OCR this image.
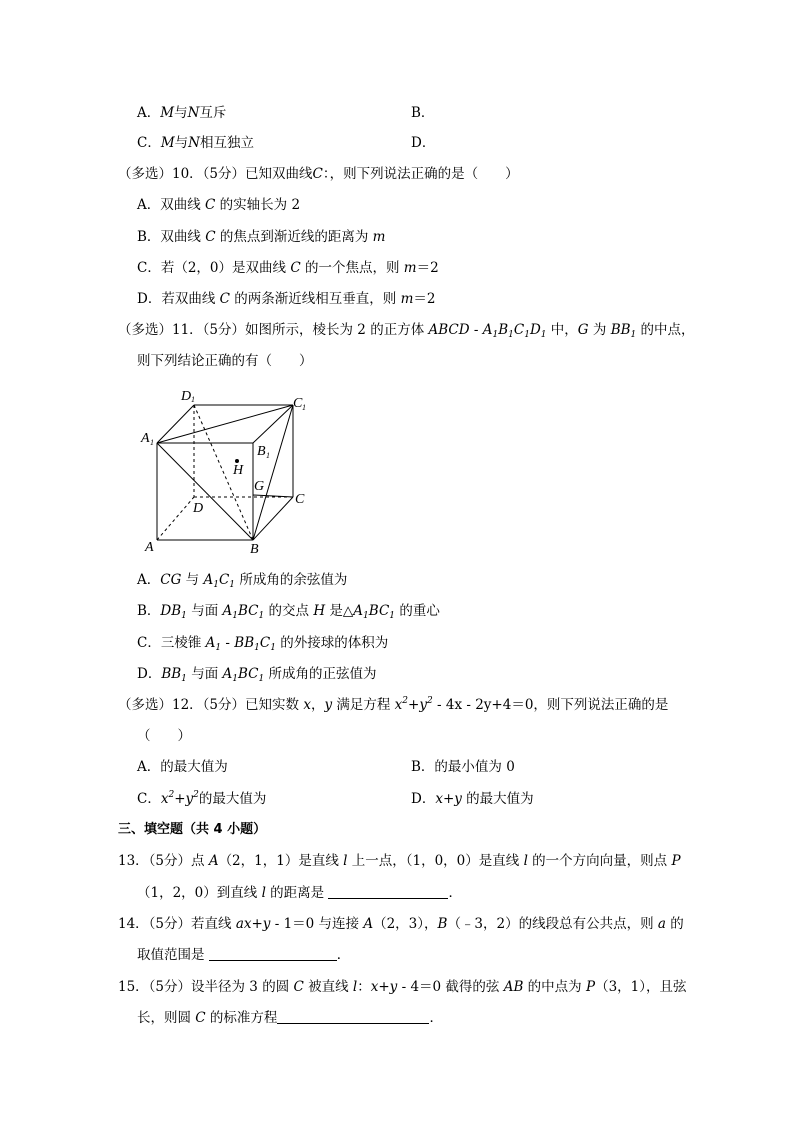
A．M与N互斥	B．
C．M与N相互独立	D．
（多选）10．（5分）已知双曲线C：，则下列说法正确的是（　　）
A．双曲线 C 的实轴长为 2
B．双曲线 C 的焦点到渐近线的距离为 m
C．若（2，0）是双曲线 C 的一个焦点，则 m＝2
D．若双曲线 C 的两条渐近线相互垂直，则 m＝2
（多选）11．（5分）如图所示，棱长为 2 的正方体 ABCD - $A_1B_1C_1D_1$ 中，G 为 $BB_1$ 的中点，
则下列结论正确的有（　　）
D 1	C 1
A 1
B 1
H
G
C
D
A	B
A．CG 与 $A_1C_1$ 所成角的余弦值为
B．$DB_1$ 与面 $A_1BC_1$ 的交点 H 是$\triangle A_1BC_1$ 的重心
C．三棱锥 $A_1 - BB_1C_1$ 的外接球的体积为
D．$BB_1$ 与面 $A_1BC_1$ 所成角的正弦值为
（多选）12．（5分）已知实数 x，y 满足方程 $x^2+y^2 - 4x - 2y+4=0$，则下列说法正确的是
（　　）
A．的最大值为	B．的最小值为 0
C．$x^2+y^2$的最大值为	D．x+y 的最大值为
三、填空题（共 4 小题）
13．（5分）点 A（2，1，1）是直线 l 上一点，（1，0，0）是直线 l 的一个方向向量，则点 P
（1，2，0）到直线 l 的距离是	．
14．（5分）若直线 ax+y - 1＝0 与连接 A（2，3），B（﹣3，2）的线段总有公共点，则 a 的
取值范围是	．
15．（5分）设半径为 3 的圆 C 被直线 l：x+y - 4＝0 截得的弦 AB 的中点为 P（3，1），且弦
长，则圆 C 的标准方程	．
